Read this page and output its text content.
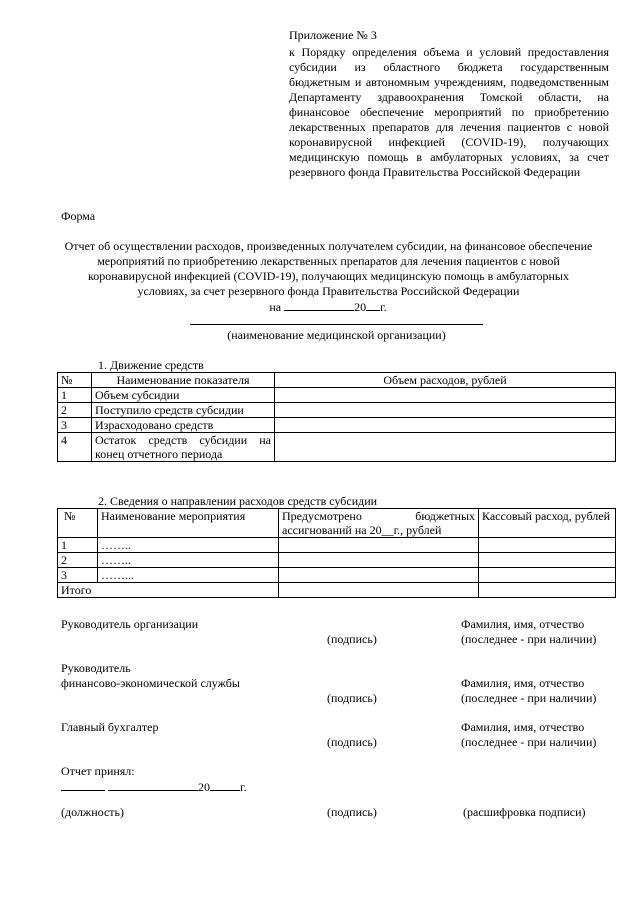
Приложение № 3
к Порядку определения объема и условий предоставления субсидии из областного бюджета государственным бюджетным и автономным учреждениям, подведомственным Департаменту здравоохранения Томской области, на финансовое обеспечение мероприятий по приобретению лекарственных препаратов для лечения пациентов с новой коронавирусной инфекцией (COVID-19), получающих медицинскую помощь в амбулаторных условиях, за счет резервного фонда Правительства Российской Федерации
Форма
Отчет об осуществлении расходов, произведенных получателем субсидии, на финансовое обеспечение мероприятий по приобретению лекарственных препаратов для лечения пациентов с новой коронавирусной инфекцией (COVID-19), получающих медицинскую помощь в амбулаторных условиях, за счет резервного фонда Правительства Российской Федерации
на	20 г.
(наименование медицинской организации)
1. Движение средств
№	Наименование показателя	Объем расходов, рублей
1	Объем субсидии	
2	Поступило средств субсидии	
3	Израсходовано средств	
4	Остаток средств субсидии на конец отчетного периода	
2. Сведения о направлении расходов средств субсидии
№	Наименование мероприятия	Предусмотрено бюджетных ассигнований на 20__г., рублей	Кассовый расход, рублей
1	……..		
2	……..		
3	……...		
Итого			
Руководитель организации	Фамилия, имя, отчество
(подпись)	(последнее - при наличии)
Руководитель
финансово-экономической службы	Фамилия, имя, отчество
(подпись)	(последнее - при наличии)
Главный бухгалтер	Фамилия, имя, отчество
(подпись)	(последнее - при наличии)
Отчет принял:
20	г.
(должность)	(подпись)	(расшифровка подписи)
